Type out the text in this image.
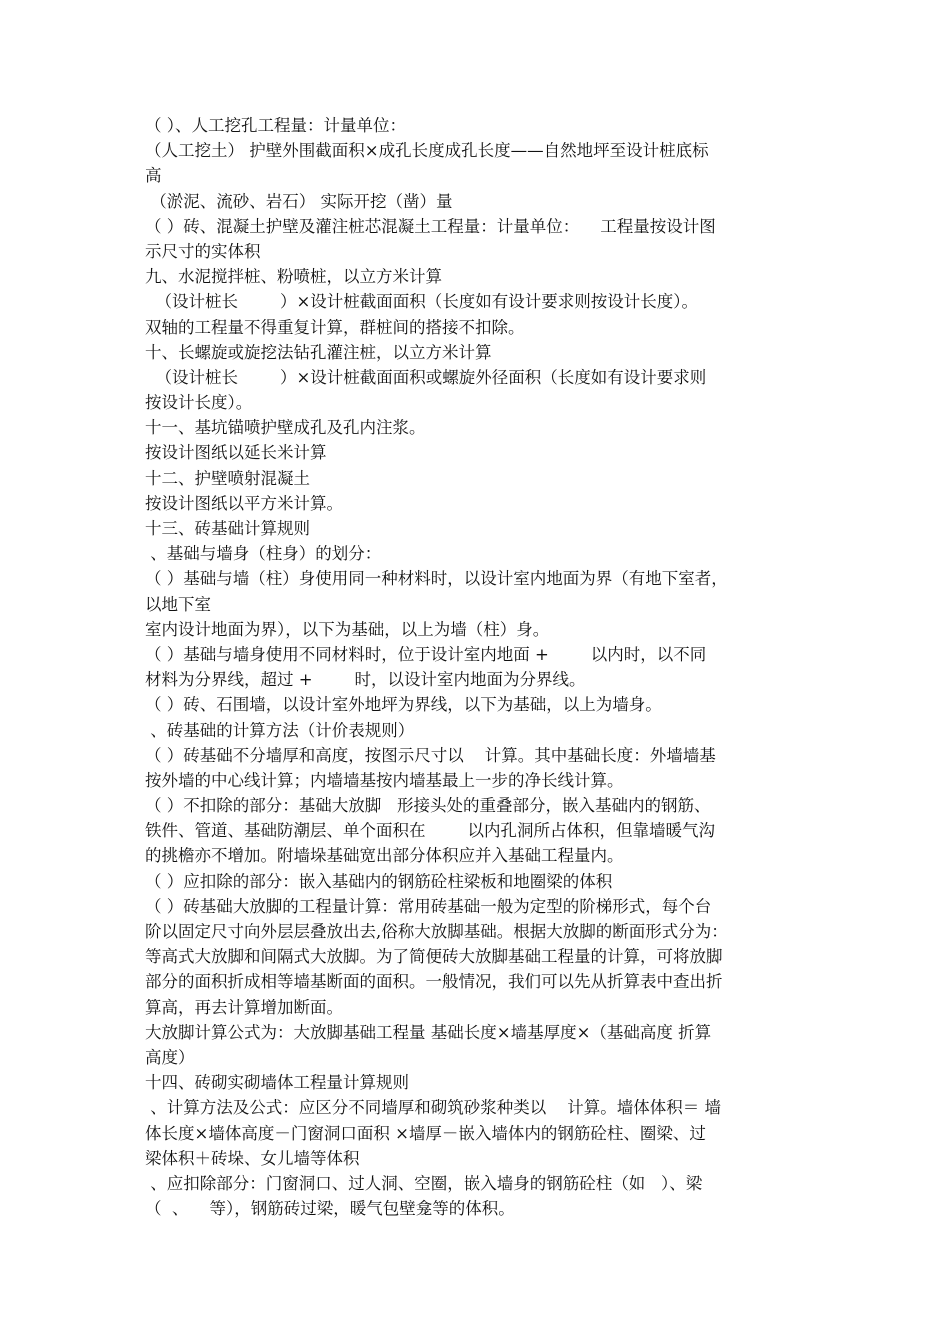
（ ）、人工挖孔工程量：计量单位：
（人工挖土） 护壁外围截面积×成孔长度成孔长度——自然地坪至设计桩底标
高
（淤泥、流砂、岩石） 实际开挖（凿）量
（ ）砖、混凝土护壁及灌注桩芯混凝土工程量：计量单位：    工程量按设计图
示尺寸的实体积
九、水泥搅拌桩、粉喷桩，以立方米计算
（设计桩长        ）×设计桩截面面积（长度如有设计要求则按设计长度）。
双轴的工程量不得重复计算，群桩间的搭接不扣除。
十、长螺旋或旋挖法钻孔灌注桩，以立方米计算
（设计桩长        ）×设计桩截面面积或螺旋外径面积（长度如有设计要求则
按设计长度）。
十一、基坑锚喷护壁成孔及孔内注浆。
按设计图纸以延长米计算
十二、护壁喷射混凝土
按设计图纸以平方米计算。
十三、砖基础计算规则
、基础与墙身（柱身）的划分：
（ ）基础与墙（柱）身使用同一种材料时，以设计室内地面为界（有地下室者，
以地下室
室内设计地面为界），以下为基础，以上为墙（柱）身。
（ ）基础与墙身使用不同材料时，位于设计室内地面 +        以内时，以不同
材料为分界线，超过 +        时，以设计室内地面为分界线。
（ ）砖、石围墙，以设计室外地坪为界线，以下为基础，以上为墙身。
、砖基础的计算方法（计价表规则）
（ ）砖基础不分墙厚和高度，按图示尺寸以    计算。其中基础长度：外墙墙基
按外墙的中心线计算；内墙墙基按内墙基最上一步的净长线计算。
（ ）不扣除的部分：基础大放脚   形接头处的重叠部分，嵌入基础内的钢筋、
铁件、管道、基础防潮层、单个面积在        以内孔洞所占体积，但靠墙暖气沟
的挑檐亦不增加。附墙垛基础宽出部分体积应并入基础工程量内。
（ ）应扣除的部分：嵌入基础内的钢筋砼柱梁板和地圈梁的体积
（ ）砖基础大放脚的工程量计算：常用砖基础一般为定型的阶梯形式，每个台
阶以固定尺寸向外层层叠放出去,俗称大放脚基础。根据大放脚的断面形式分为：
等高式大放脚和间隔式大放脚。为了简便砖大放脚基础工程量的计算，可将放脚
部分的面积折成相等墙基断面的面积。一般情况，我们可以先从折算表中查出折
算高，再去计算增加断面。
大放脚计算公式为：大放脚基础工程量 基础长度×墙基厚度×（基础高度 折算
高度）
十四、砖砌实砌墙体工程量计算规则
、计算方法及公式：应区分不同墙厚和砌筑砂浆种类以    计算。墙体体积＝ 墙
体长度×墙体高度－门窗洞口面积 ×墙厚－嵌入墙体内的钢筋砼柱、圈梁、过
梁体积＋砖垛、女儿墙等体积
、应扣除部分：门窗洞口、过人洞、空圈，嵌入墙身的钢筋砼柱（如   ）、梁
（  、    等），钢筋砖过梁，暖气包壁龛等的体积。
